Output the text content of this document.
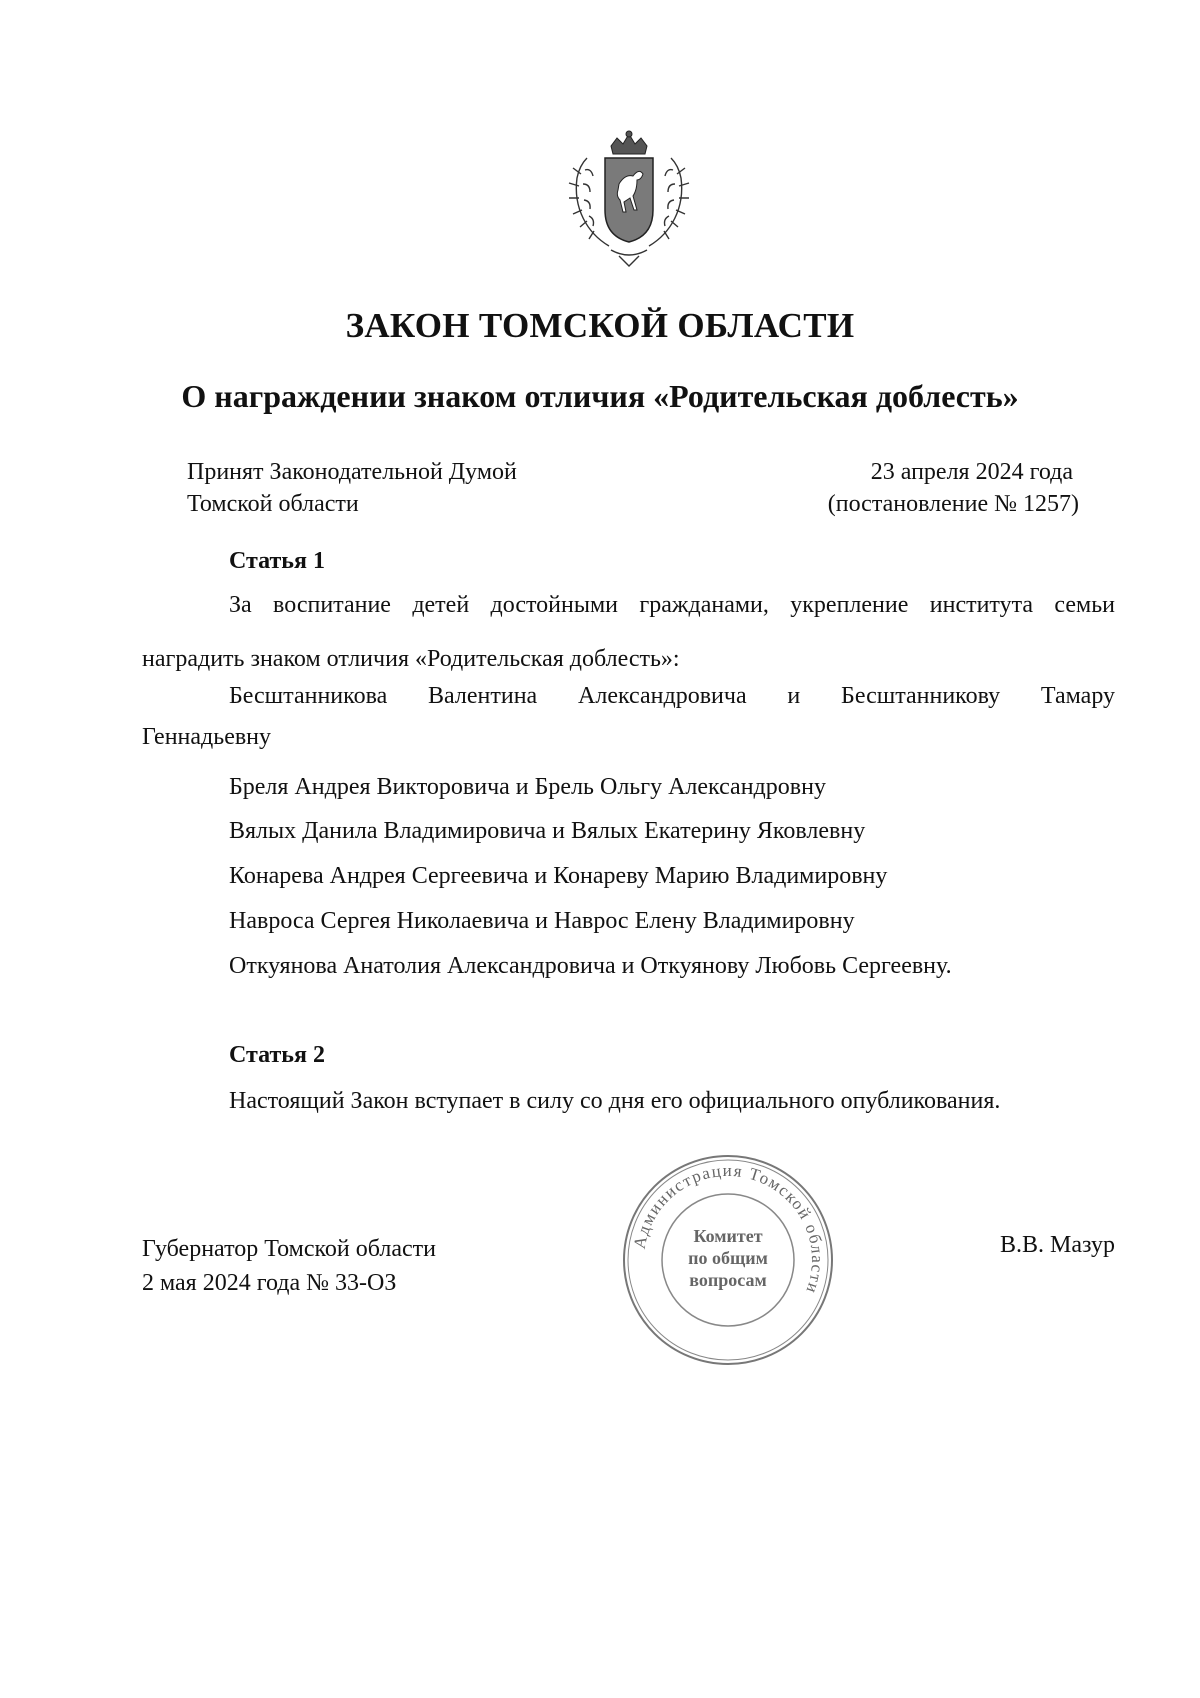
ЗАКОН ТОМСКОЙ ОБЛАСТИ
О награждении знаком отличия «Родительская доблесть»
Принят Законодательной Думой
Томской области
23 апреля 2024 года
(постановление № 1257)
Статья 1
За воспитание детей достойными гражданами, укрепление института семьи наградить знаком отличия «Родительская доблесть»:
Бесштанникова Валентина Александровича и Бесштанникову Тамару
Геннадьевну
Бреля Андрея Викторовича и Брель Ольгу Александровну
Вялых Данила Владимировича и Вялых Екатерину Яковлевну
Конарева Андрея Сергеевича и Конареву Марию Владимировну
Навроса Сергея Николаевича и Наврос Елену Владимировну
Откуянова Анатолия Александровича и Откуянову Любовь Сергеевну.
Статья 2
Настоящий Закон вступает в силу со дня его официального опубликования.
Администрация Томской области
Комитет
по общим
вопросам
Губернатор Томской области
2 мая 2024 года № 33-ОЗ
В.В. Мазур
